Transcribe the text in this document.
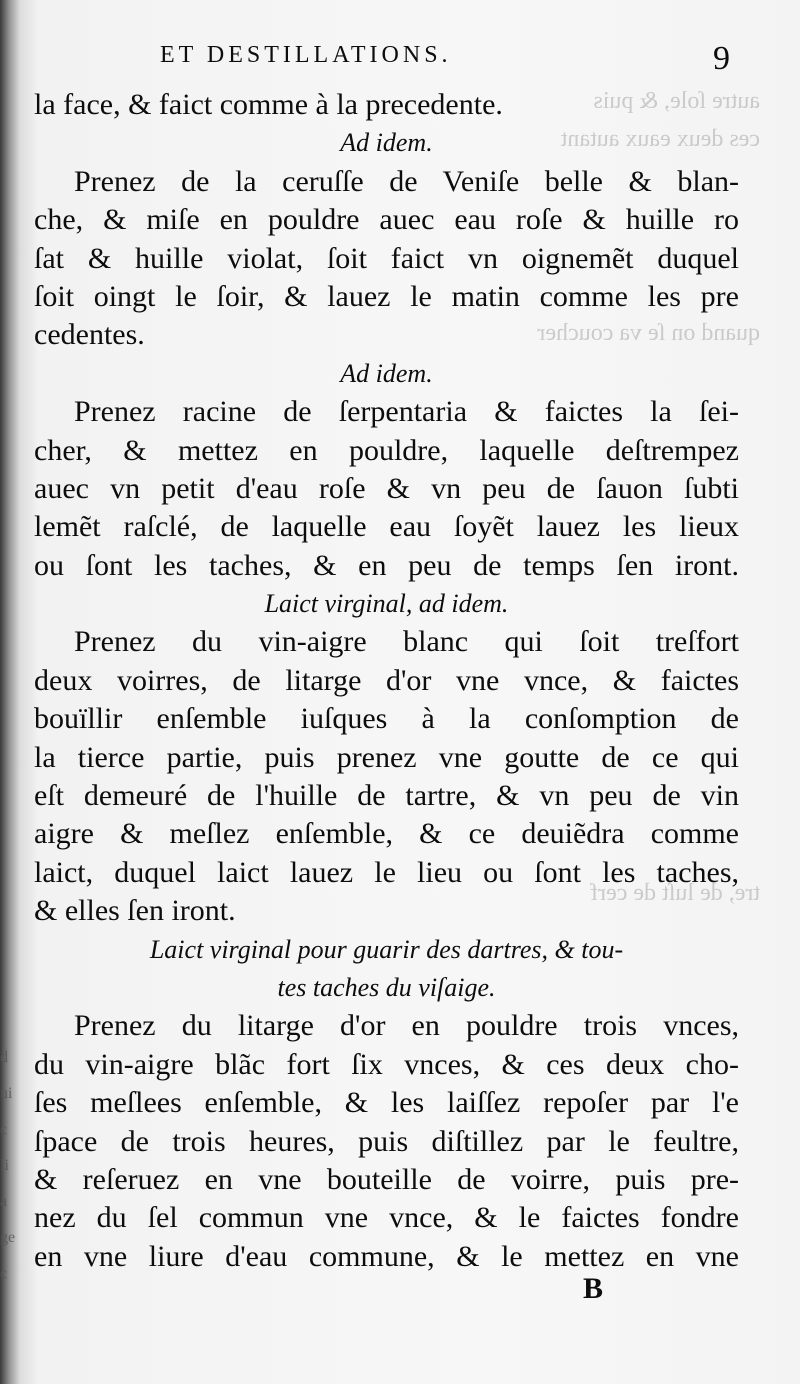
autre ſole, & puis
ces deux eaux autant
quand on ſe va coucher
tre, de luſt de cerf
d
ui
c
li
a
ge
c
ET DESTILLATIONS.	9
la face, & faict comme à la precedente.
Ad idem.
Prenez de la ceruſſe de Veniſe belle & blan-
che, & miſe en pouldre auec eau roſe & huille ro
ſat & huille violat, ſoit faict vn oignemẽt duquel
ſoit oingt le ſoir, & lauez le matin comme les pre
cedentes.
Ad idem.
Prenez racine de ſerpentaria & faictes la ſei-
cher, & mettez en pouldre, laquelle deſtrempez
auec vn petit d'eau roſe & vn peu de ſauon ſubti
lemẽt raſclé, de laquelle eau ſoyẽt lauez les lieux
ou ſont les taches, & en peu de temps ſen iront.
Laict virginal, ad idem.
Prenez du vin-aigre blanc qui ſoit treſfort
deux voirres, de litarge d'or vne vnce, & faictes
bouïllir enſemble iuſques à la conſomption de
la tierce partie, puis prenez vne goutte de ce qui
eſt demeuré de l'huille de tartre, & vn peu de vin
aigre & meſlez enſemble, & ce deuiẽdra comme
laict, duquel laict lauez le lieu ou ſont les taches,
& elles ſen iront.
Laict virginal pour guarir des dartres, & tou-
tes taches du viſaige.
Prenez du litarge d'or en pouldre trois vnces,
du vin-aigre blãc fort ſix vnces, & ces deux cho-
ſes meſlees enſemble, & les laiſſez repoſer par l'e
ſpace de trois heures, puis diſtillez par le feultre,
& reſeruez en vne bouteille de voirre, puis pre-
nez du ſel commun vne vnce, & le faictes fondre
en vne liure d'eau commune, & le mettez en vne
B
